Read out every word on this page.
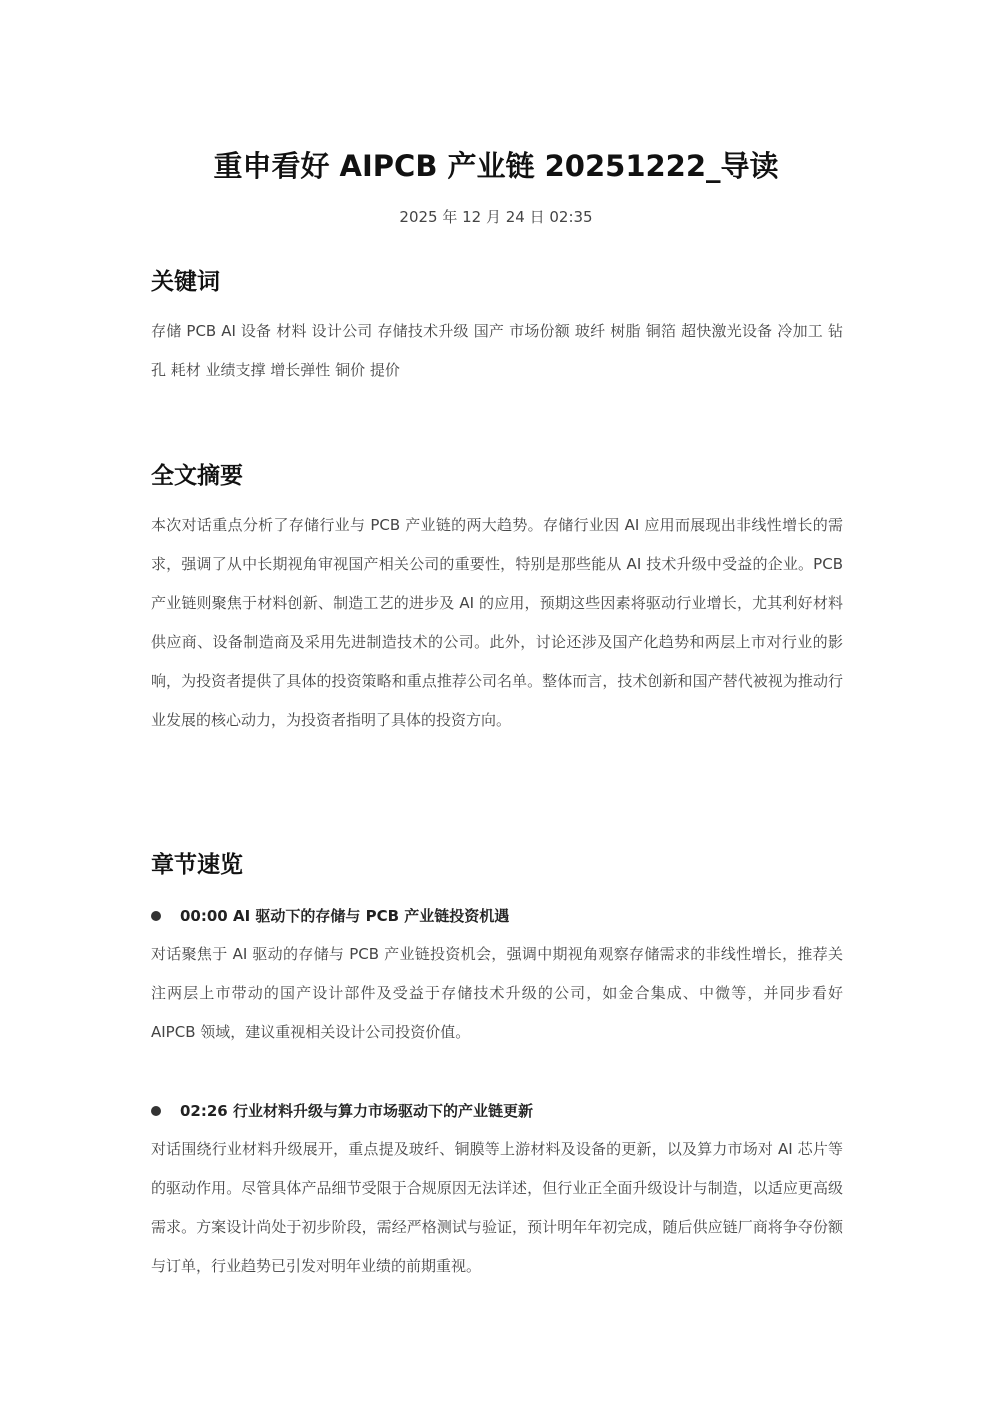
重申看好 AIPCB 产业链 20251222_导读
2025 年 12 月 24 日 02:35
关键词

存储 PCB AI 设备 材料 设计公司 存储技术升级 国产 市场份额 玻纤 树脂 铜箔 超快激光设备 冷加工 钻孔 耗材 业绩支撑 增长弹性 铜价 提价

全文摘要

本次对话重点分析了存储行业与 PCB 产业链的两大趋势。存储行业因 AI 应用而展现出非线性增长的需求，强调了从中长期视角审视国产相关公司的重要性，特别是那些能从 AI 技术升级中受益的企业。PCB 产业链则聚焦于材料创新、制造工艺的进步及 AI 的应用，预期这些因素将驱动行业增长，尤其利好材料供应商、设备制造商及采用先进制造技术的公司。此外，讨论还涉及国产化趋势和两层上市对行业的影响，为投资者提供了具体的投资策略和重点推荐公司名单。整体而言，技术创新和国产替代被视为推动行业发展的核心动力，为投资者指明了具体的投资方向。

章节速览
00:00 AI 驱动下的存储与 PCB 产业链投资机遇

对话聚焦于 AI 驱动的存储与 PCB 产业链投资机会，强调中期视角观察存储需求的非线性增长，推荐关注两层上市带动的国产设计部件及受益于存储技术升级的公司，如金合集成、中微等，并同步看好 AIPCB 领域，建议重视相关设计公司投资价值。

02:26 行业材料升级与算力市场驱动下的产业链更新

对话围绕行业材料升级展开，重点提及玻纤、铜膜等上游材料及设备的更新，以及算力市场对 AI 芯片等的驱动作用。尽管具体产品细节受限于合规原因无法详述，但行业正全面升级设计与制造，以适应更高级需求。方案设计尚处于初步阶段，需经严格测试与验证，预计明年年初完成，随后供应链厂商将争夺份额与订单，行业趋势已引发对明年业绩的前期重视。
